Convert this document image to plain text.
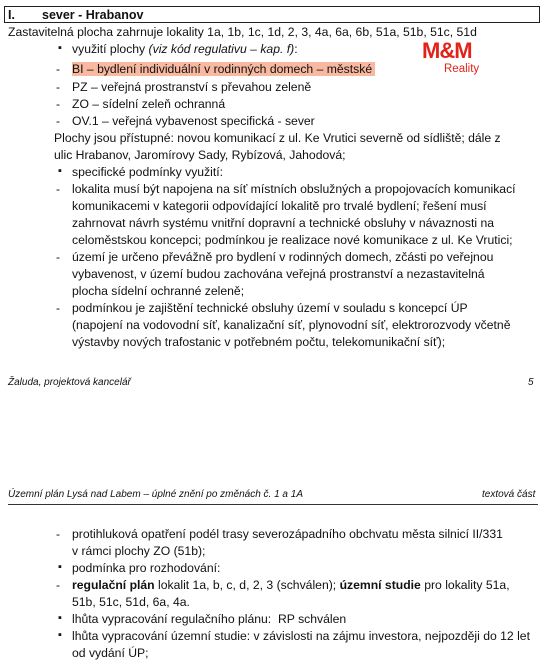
I. sever - Hrabanov
Zastavitelná plocha zahrnuje lokality 1a, 1b, 1c, 1d, 2, 3, 4a, 6a, 6b, 51a, 51b, 51c, 51d
M&M
Reality
▪ využití plochy (viz kód regulativu – kap. f):
- BI – bydlení individuální v rodinných domech – městské
- PZ – veřejná prostranství s převahou zeleně
- ZO – sídelní zeleň ochranná
- OV.1 – veřejná vybavenost specifická - sever
Plochy jsou přístupné: novou komunikací z ul. Ke Vrutici severně od sídliště; dále z
ulic Hrabanov, Jaromírovy Sady, Rybízová, Jahodová;
▪ specifické podmínky využití:
- lokalita musí být napojena na síť místních obslužných a propojovacích komunikací
komunikacemi v kategorii odpovídající lokalitě pro trvalé bydlení; řešení musí
zahrnovat návrh systému vnitřní dopravní a technické obsluhy v návaznosti na
celoměstskou koncepci; podmínkou je realizace nové komunikace z ul. Ke Vrutici;
- území je určeno převážně pro bydlení v rodinných domech, zčásti po veřejnou
vybavenost, v území budou zachována veřejná prostranství a nezastavitelná
plocha sídelní ochranné zeleně;
- podmínkou je zajištění technické obsluhy území v souladu s koncepcí ÚP
(napojení na vodovodní síť, kanalizační síť, plynovodní síť, elektrorozvody včetně
výstavby nových trafostanic v potřebném počtu, telekomunikační síť);
Žaluda, projektová kancelář	5
Územní plán Lysá nad Labem – úplné znění po změnách č. 1 a 1A	textová část
- protihluková opatření podél trasy severozápadního obchvatu města silnicí II/331
v rámci plochy ZO (51b);
▪ podmínka pro rozhodování:
- regulační plán lokalit 1a, b, c, d, 2, 3 (schválen); územní studie pro lokality 51a,
51b, 51c, 51d, 6a, 4a.
▪ lhůta vypracování regulačního plánu:  RP schválen
▪ lhůta vypracování územní studie: v závislosti na zájmu investora, nejpozději do 12 let
od vydání ÚP;
